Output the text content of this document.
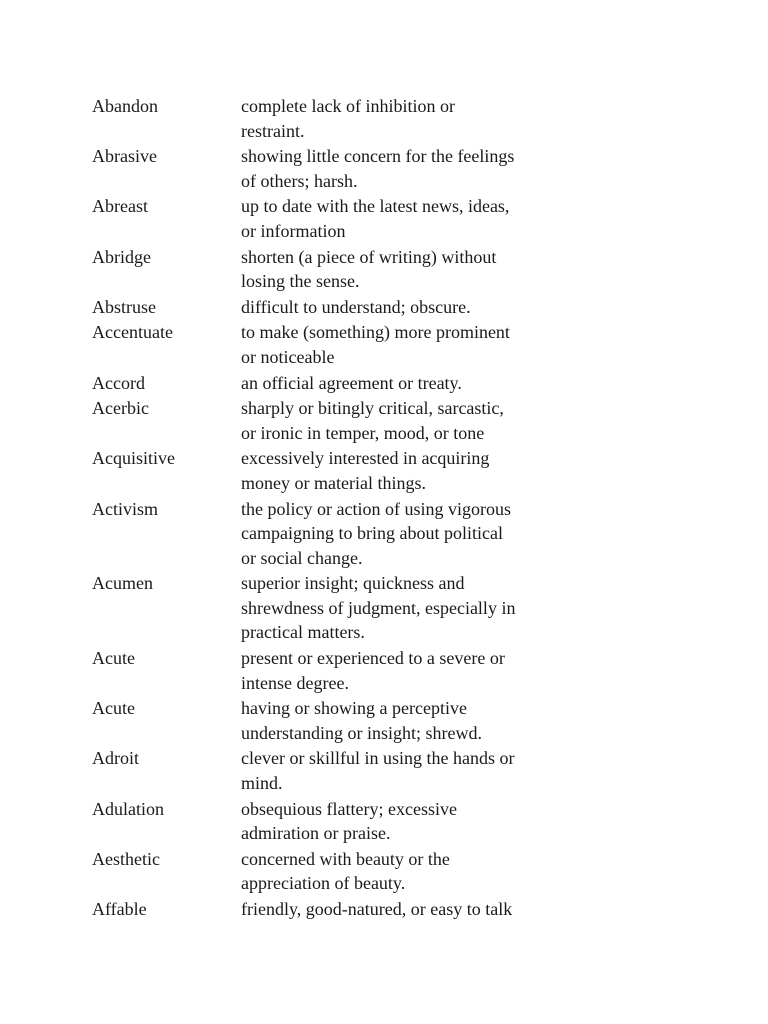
Abandon	complete lack of inhibition or
restraint.
Abrasive	showing little concern for the feelings
of others; harsh.
Abreast	up to date with the latest news, ideas,
or information
Abridge	shorten (a piece of writing) without
losing the sense.
Abstruse	difficult to understand; obscure.
Accentuate	to make (something) more prominent
or noticeable
Accord	an official agreement or treaty.
Acerbic	sharply or bitingly critical, sarcastic,
or ironic in temper, mood, or tone
Acquisitive	excessively interested in acquiring
money or material things.
Activism	the policy or action of using vigorous
campaigning to bring about political
or social change.
Acumen	superior insight; quickness and
shrewdness of judgment, especially in
practical matters.
Acute	present or experienced to a severe or
intense degree.
Acute	having or showing a perceptive
understanding or insight; shrewd.
Adroit	clever or skillful in using the hands or
mind.
Adulation	obsequious flattery; excessive
admiration or praise.
Aesthetic	concerned with beauty or the
appreciation of beauty.
Affable	friendly, good-natured, or easy to talk
